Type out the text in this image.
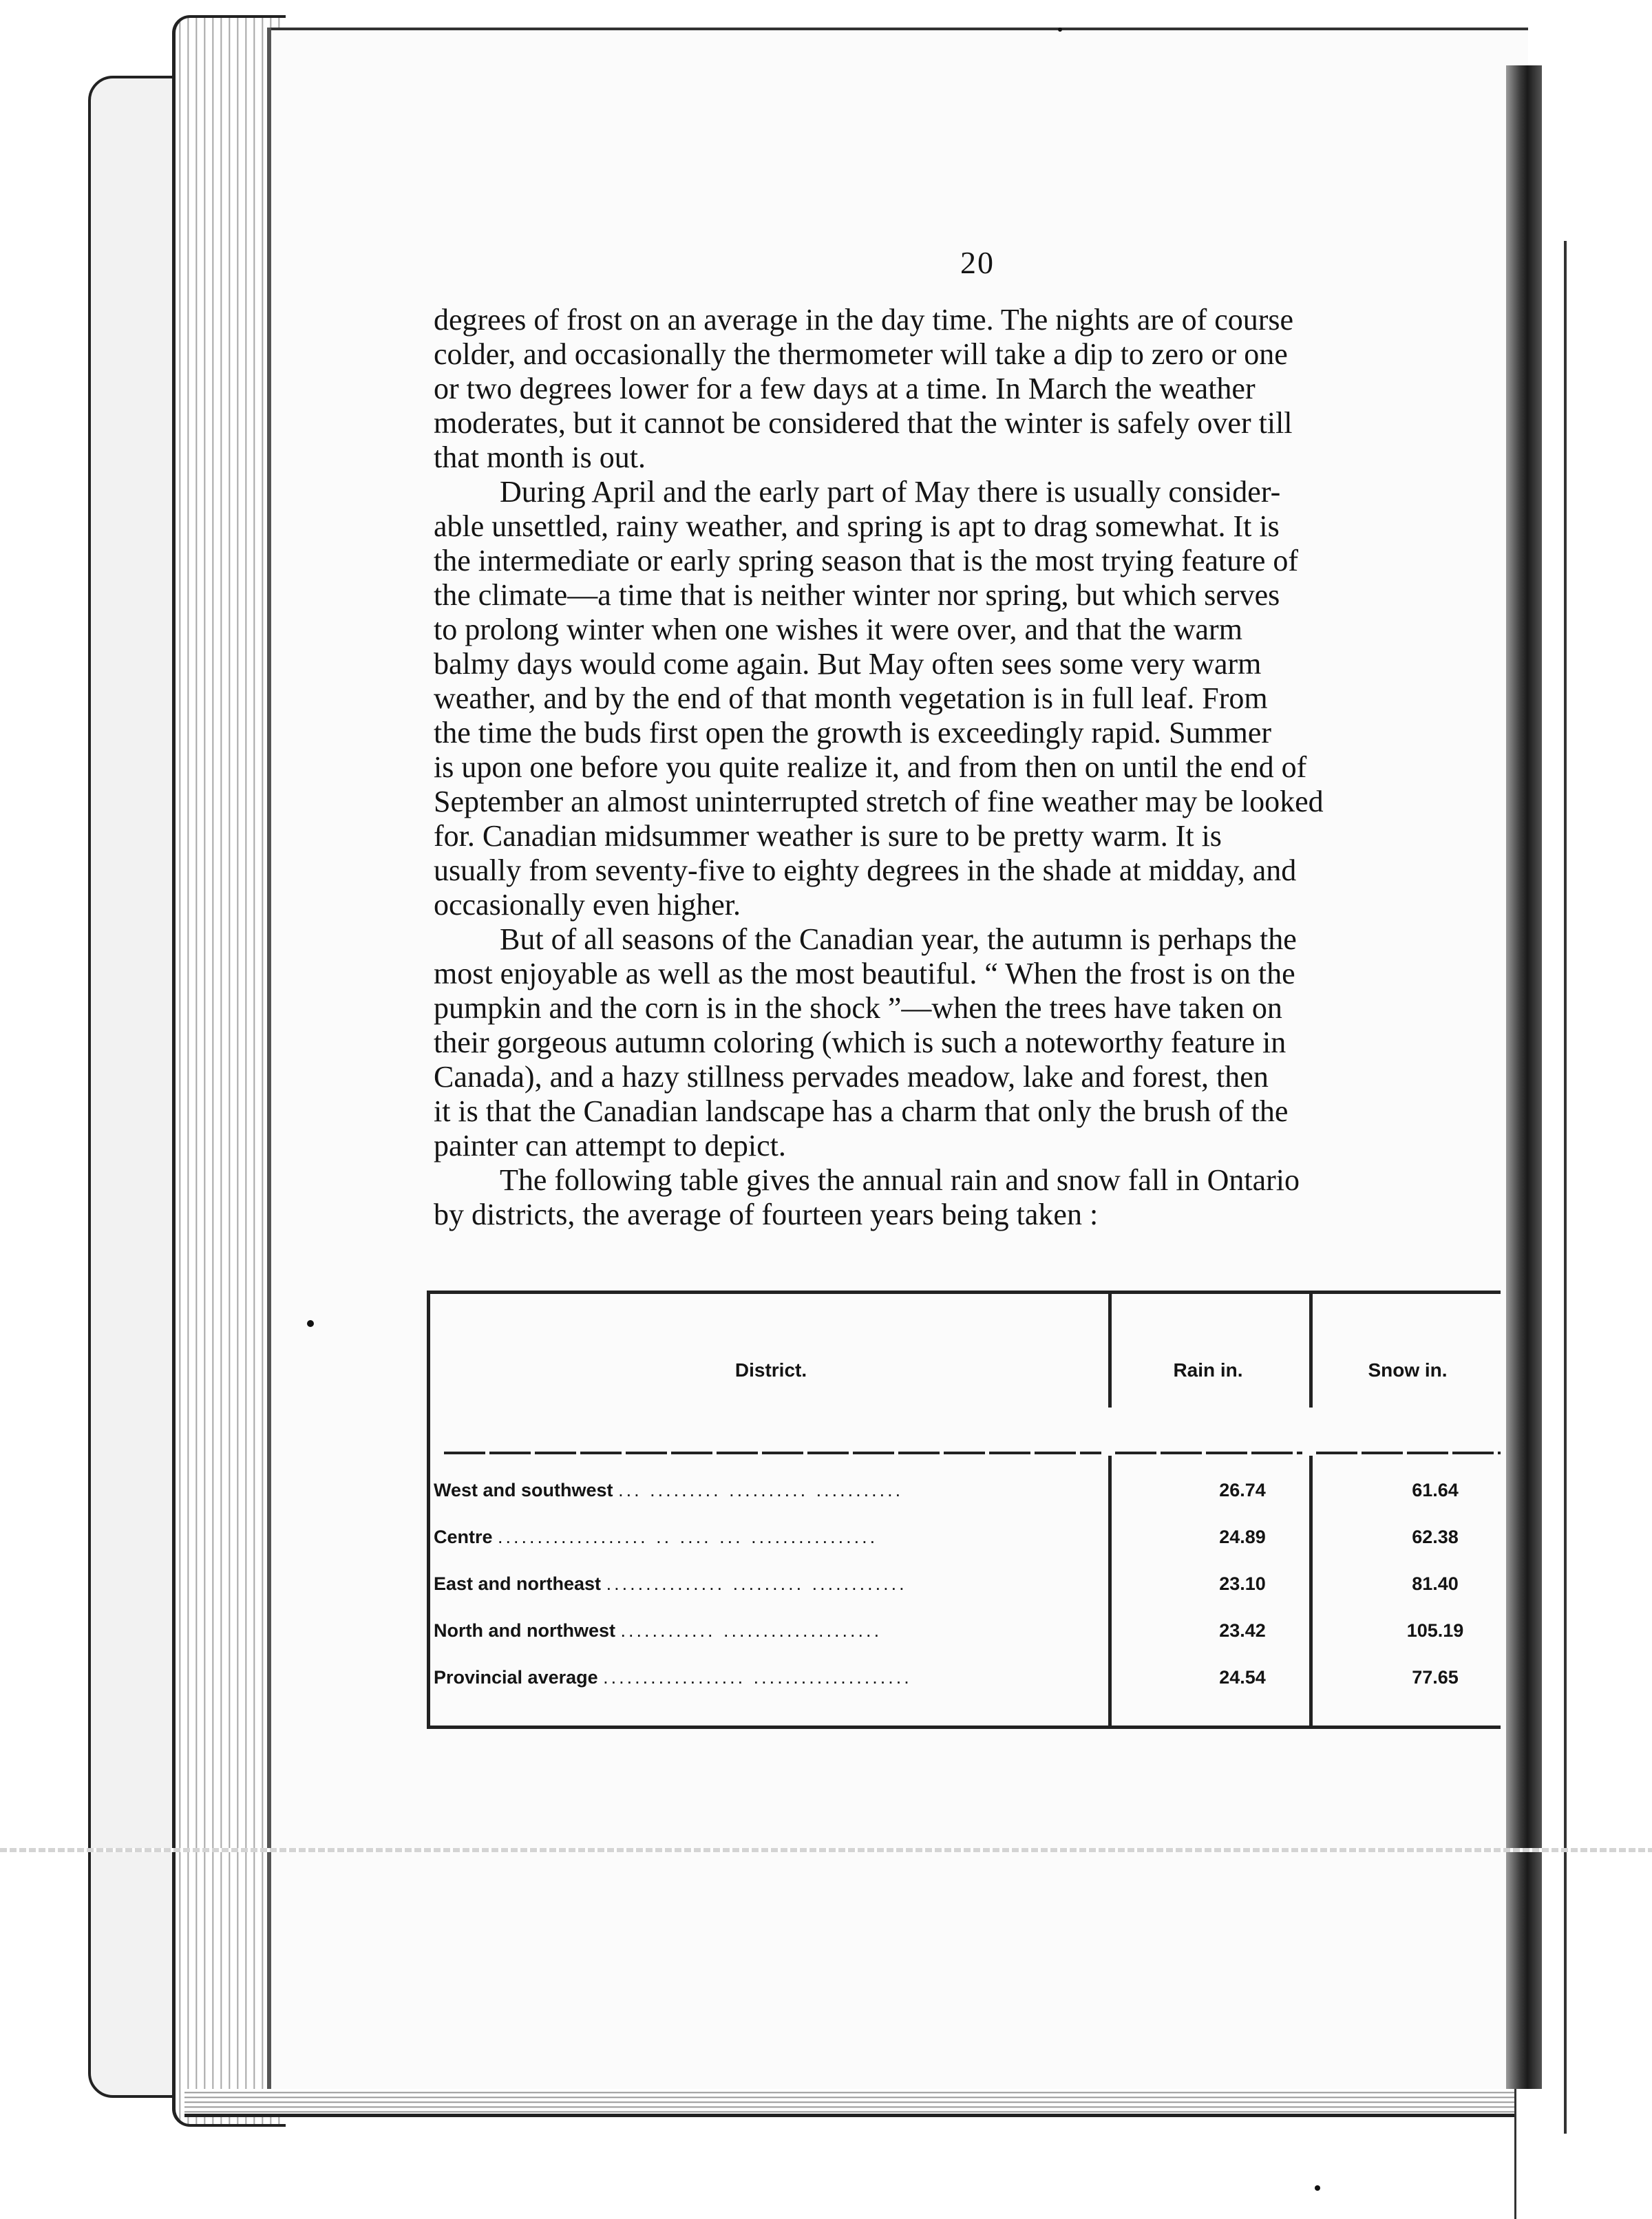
20
degrees of frost on an average in the day time. The nights are of course
colder, and occasionally the thermometer will take a dip to zero or one
or two degrees lower for a few days at a time. In March the weather
moderates, but it cannot be considered that the winter is safely over till
that month is out.
During April and the early part of May there is usually consider-
able unsettled, rainy weather, and spring is apt to drag somewhat. It is
the intermediate or early spring season that is the most trying feature of
the climate—a time that is neither winter nor spring, but which serves
to prolong winter when one wishes it were over, and that the warm
balmy days would come again. But May often sees some very warm
weather, and by the end of that month vegetation is in full leaf. From
the time the buds first open the growth is exceedingly rapid. Summer
is upon one before you quite realize it, and from then on until the end of
September an almost uninterrupted stretch of fine weather may be looked
for. Canadian midsummer weather is sure to be pretty warm. It is
usually from seventy-five to eighty degrees in the shade at midday, and
occasionally even higher.
But of all seasons of the Canadian year, the autumn is perhaps the
most enjoyable as well as the most beautiful. “ When the frost is on the
pumpkin and the corn is in the shock ”—when the trees have taken on
their gorgeous autumn coloring (which is such a noteworthy feature in
Canada), and a hazy stillness pervades meadow, lake and forest, then
it is that the Canadian landscape has a charm that only the brush of the
painter can attempt to depict.
The following table gives the annual rain and snow fall in Ontario
by districts, the average of fourteen years being taken :
District.	Rain in.	Snow in.
West and southwest ... ......... .......... ...........	26.74	61.64
Centre ................... .. .... ... ................	24.89	62.38
East and northeast ............... ......... ............	23.10	81.40
North and northwest ............ ....................	23.42	105.19
Provincial average .................. ....................	24.54	77.65
